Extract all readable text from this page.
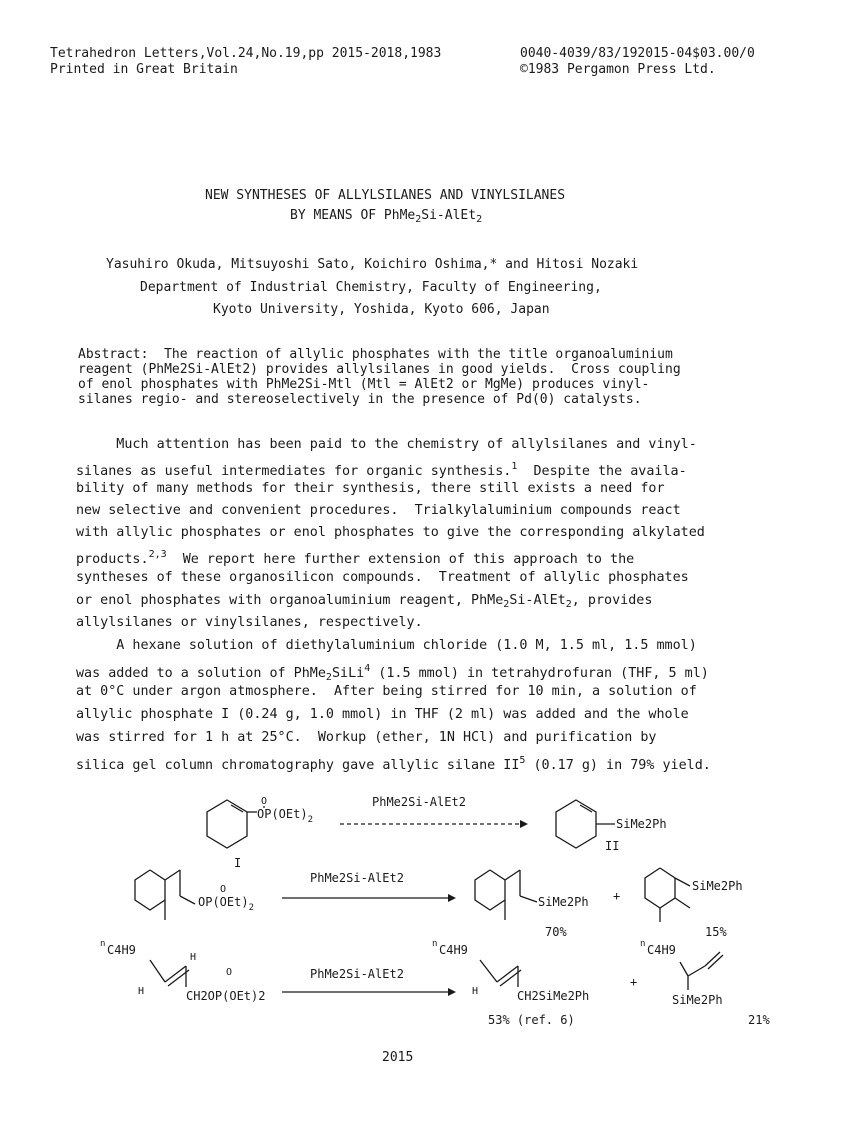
Tetrahedron Letters,Vol.24,No.19,pp 2015-2018,1983
Printed in Great Britain
0040-4039/83/192015-04$03.00/0
©1983 Pergamon Press Ltd.
NEW SYNTHESES OF ALLYLSILANES AND VINYLSILANES
BY MEANS OF PhMe$_2$Si-AlEt$_2$
Yasuhiro Okuda, Mitsuyoshi Sato, Koichiro Oshima,* and Hitosi Nozaki
Department of Industrial Chemistry, Faculty of Engineering,
Kyoto University, Yoshida, Kyoto 606, Japan
Abstract:  The reaction of allylic phosphates with the title organoaluminium
reagent (PhMe2Si-AlEt2) provides allylsilanes in good yields.  Cross coupling
of enol phosphates with PhMe2Si-Mtl (Mtl = AlEt2 or MgMe) produces vinyl-
silanes regio- and stereoselectively in the presence of Pd(0) catalysts.
Much attention has been paid to the chemistry of allylsilanes and vinyl-
silanes as useful intermediates for organic synthesis.$^1$  Despite the availa-
bility of many methods for their synthesis, there still exists a need for
new selective and convenient procedures.  Trialkylaluminium compounds react
with allylic phosphates or enol phosphates to give the corresponding alkylated
products.$^{2,3}$  We report here further extension of this approach to the
syntheses of these organosilicon compounds.  Treatment of allylic phosphates
or enol phosphates with organoaluminium reagent, PhMe$_2$Si-AlEt$_2$, provides
allylsilanes or vinylsilanes, respectively.
A hexane solution of diethylaluminium chloride (1.0 M, 1.5 ml, 1.5 mmol)
was added to a solution of PhMe$_2$SiLi$^4$ (1.5 mmol) in tetrahydrofuran (THF, 5 ml)
at 0°C under argon atmosphere.  After being stirred for 10 min, a solution of
allylic phosphate I (0.24 g, 1.0 mmol) in THF (2 ml) was added and the whole
was stirred for 1 h at 25°C.  Workup (ether, 1N HCl) and purification by
silica gel column chromatography gave allylic silane $II^5$ (0.17 g) in 79% yield.
$OP(OEt)_2$
O
I
PhMe2Si-AlEt2
SiMe2Ph
II
$OP(OEt)_2$
O
PhMe2Si-AlEt2
SiMe2Ph
70%
+
SiMe2Ph
15%
n C4H9
H
H	CH2OP(OEt)2
O	PhMe2Si-AlEt2
n C4H9
H	CH2SiMe2Ph
53% (ref. 6)
+
n C4H9
SiMe2Ph
21%
2015
